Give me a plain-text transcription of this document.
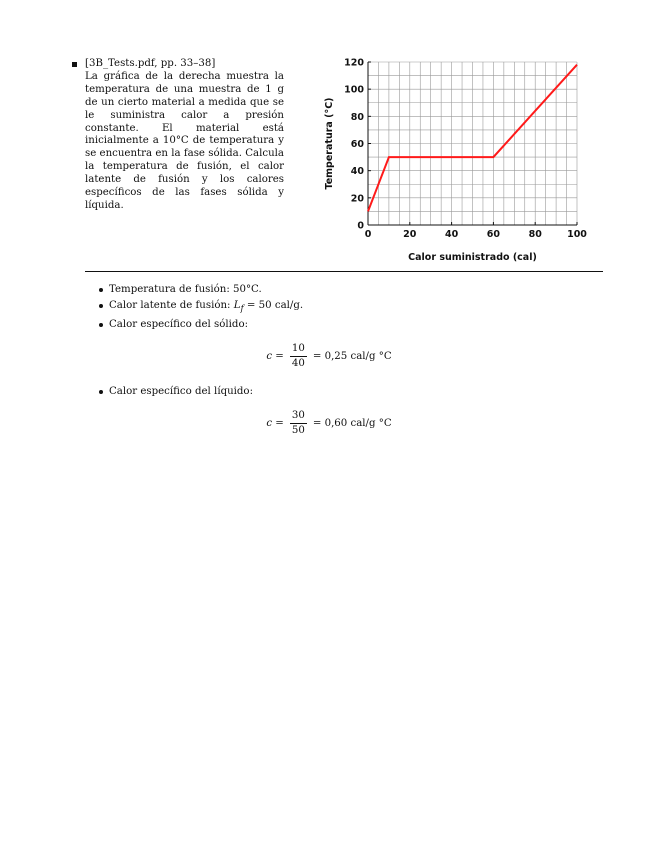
[3B_Tests.pdf, pp. 33–38]
La gráfica de la derecha muestra la temperatura de una muestra de 1 g de un cierto material a medida que se le suministra calor a presión constante. El material está inicialmente a 10°C de temperatura y se encuentra en la fase sólida. Calcula la temperatura de fusión, el calor latente de fusión y los calores específicos de las fases sólida y líquida.
0	20	40	60	80	100
0
20
40
60
80
100
120
Calor suministrado (cal)
Temperatura (°C)
Temperatura de fusión: 50°C.
Calor latente de fusión: $L_f = 50$ cal/g.
Calor específico del sólido:
$c = \frac{10}{40} = 0,25$ cal/g °C
Calor específico del líquido:
$c = \frac{30}{50} = 0,60$ cal/g °C
